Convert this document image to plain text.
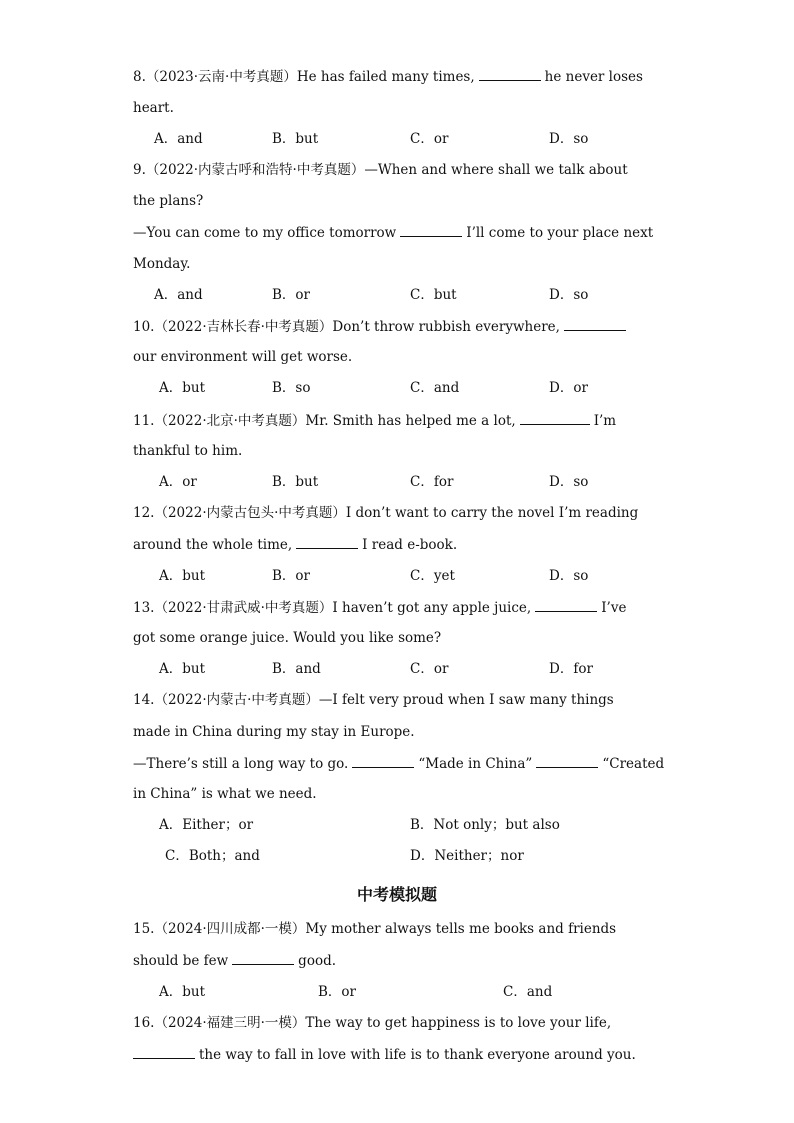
8.（2023·云南·中考真题）He has failed many times,	he never loses
heart.
A．and	B．but	C．or	D．so
9.（2022·内蒙古呼和浩特·中考真题）—When and where shall we talk about
the plans?
—You can come to my office tomorrow	I’ll come to your place next
Monday.
A．and	B．or	C．but	D．so
10.（2022·吉林长春·中考真题）Don’t throw rubbish everywhere,
our environment will get worse.
A．but	B．so	C．and	D．or
11.（2022·北京·中考真题）Mr. Smith has helped me a lot,	I’m
thankful to him.
A．or	B．but	C．for	D．so
12.（2022·内蒙古包头·中考真题）I don’t want to carry the novel I’m reading
around the whole time,	I read e-book.
A．but	B．or	C．yet	D．so
13.（2022·甘肃武威·中考真题）I haven’t got any apple juice,	I’ve
got some orange juice. Would you like some?
A．but	B．and	C．or	D．for
14.（2022·内蒙古·中考真题）—I felt very proud when I saw many things
made in China during my stay in Europe.
—There’s still a long way to go.	“Made in China”	“Created
in China” is what we need.
A．Either；or	B．Not only；but also
C．Both；and	D．Neither；nor
中考模拟题
15.（2024·四川成都·一模）My mother always tells me books and friends
should be few	good.
A．but	B．or	C．and
16.（2024·福建三明·一模）The way to get happiness is to love your life,
the way to fall in love with life is to thank everyone around you.
